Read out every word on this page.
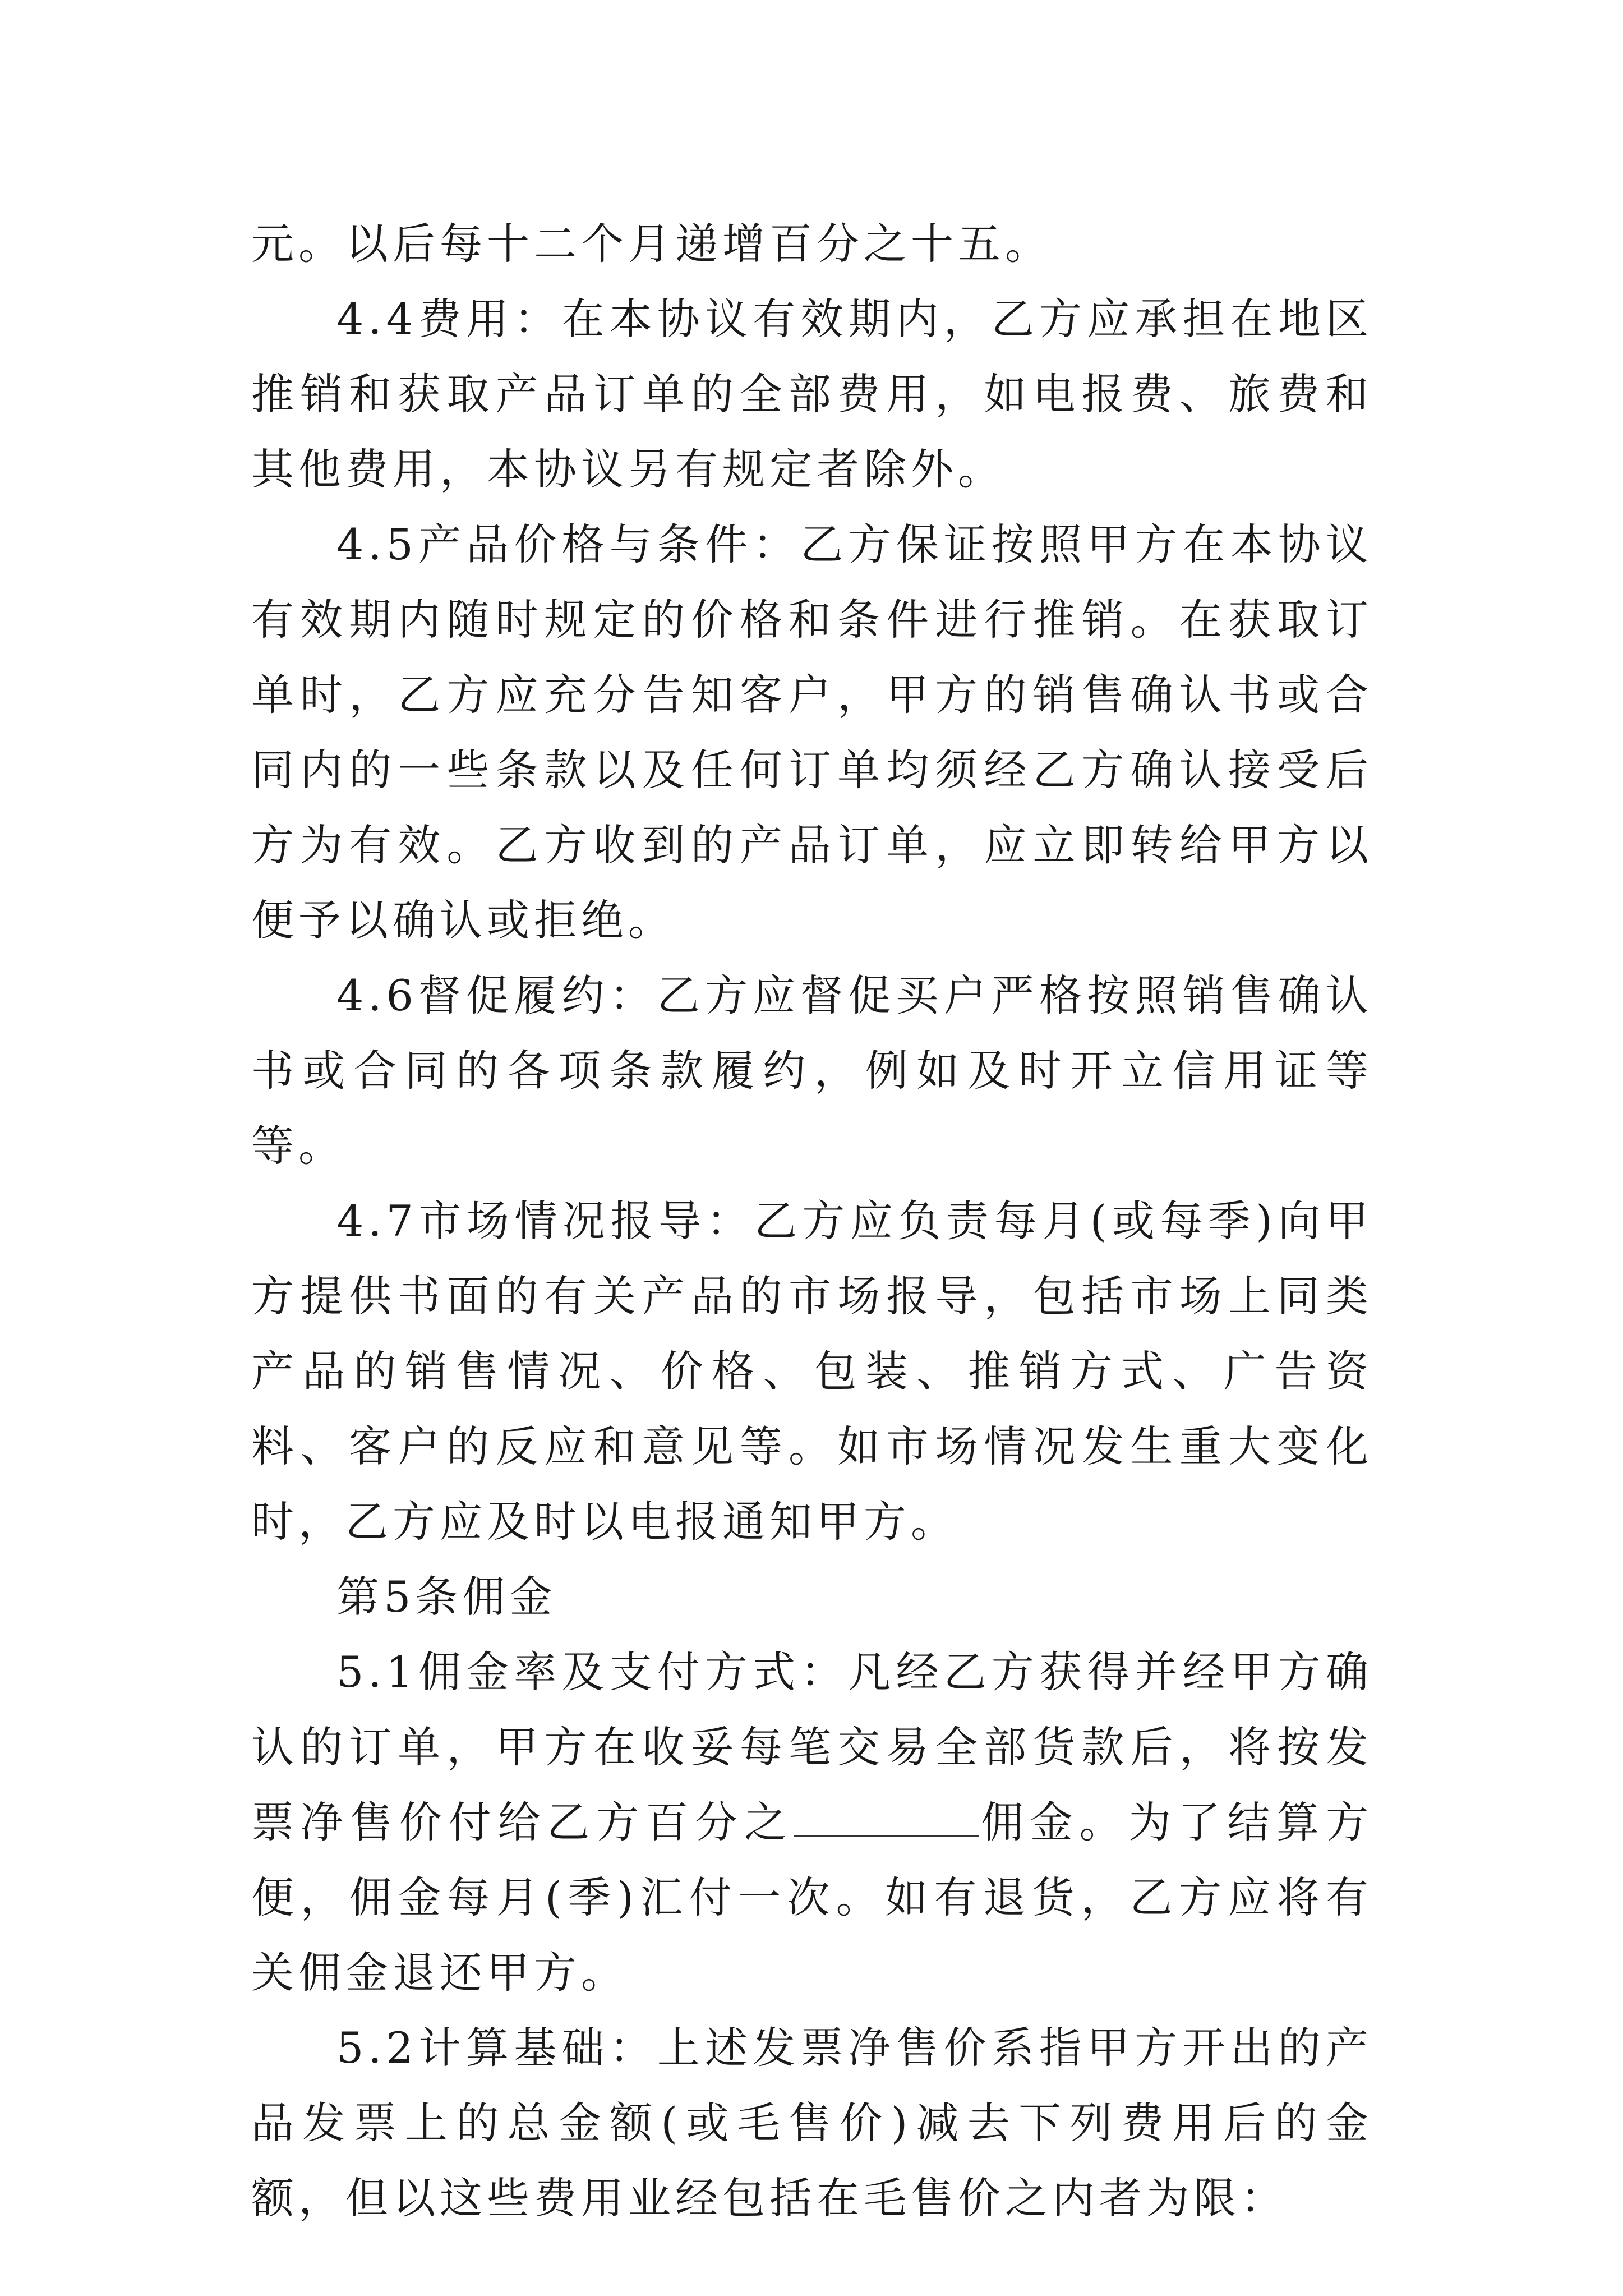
元。以后每十二个月递增百分之十五。

4.4费用：在本协议有效期内，乙方应承担在地区推销和获取产品订单的全部费用，如电报费、旅费和其他费用，本协议另有规定者除外。

4.5产品价格与条件：乙方保证按照甲方在本协议有效期内随时规定的价格和条件进行推销。在获取订单时，乙方应充分告知客户，甲方的销售确认书或合同内的一些条款以及任何订单均须经乙方确认接受后方为有效。乙方收到的产品订单，应立即转给甲方以便予以确认或拒绝。

4.6督促履约：乙方应督促买户严格按照销售确认书或合同的各项条款履约，例如及时开立信用证等等。

4.7市场情况报导：乙方应负责每月(或每季)向甲方提供书面的有关产品的市场报导，包括市场上同类产品的销售情况、价格、包装、推销方式、广告资料、客户的反应和意见等。如市场情况发生重大变化时，乙方应及时以电报通知甲方。

第5条佣金

5.1佣金率及支付方式：凡经乙方获得并经甲方确认的订单，甲方在收妥每笔交易全部货款后，将按发票净售价付给乙方百分之	佣金。为了结算方便，佣金每月(季)汇付一次。如有退货，乙方应将有关佣金退还甲方。

5.2计算基础：上述发票净售价系指甲方开出的产品发票上的总金额(或毛售价)减去下列费用后的金额，但以这些费用业经包括在毛售价之内者为限：
